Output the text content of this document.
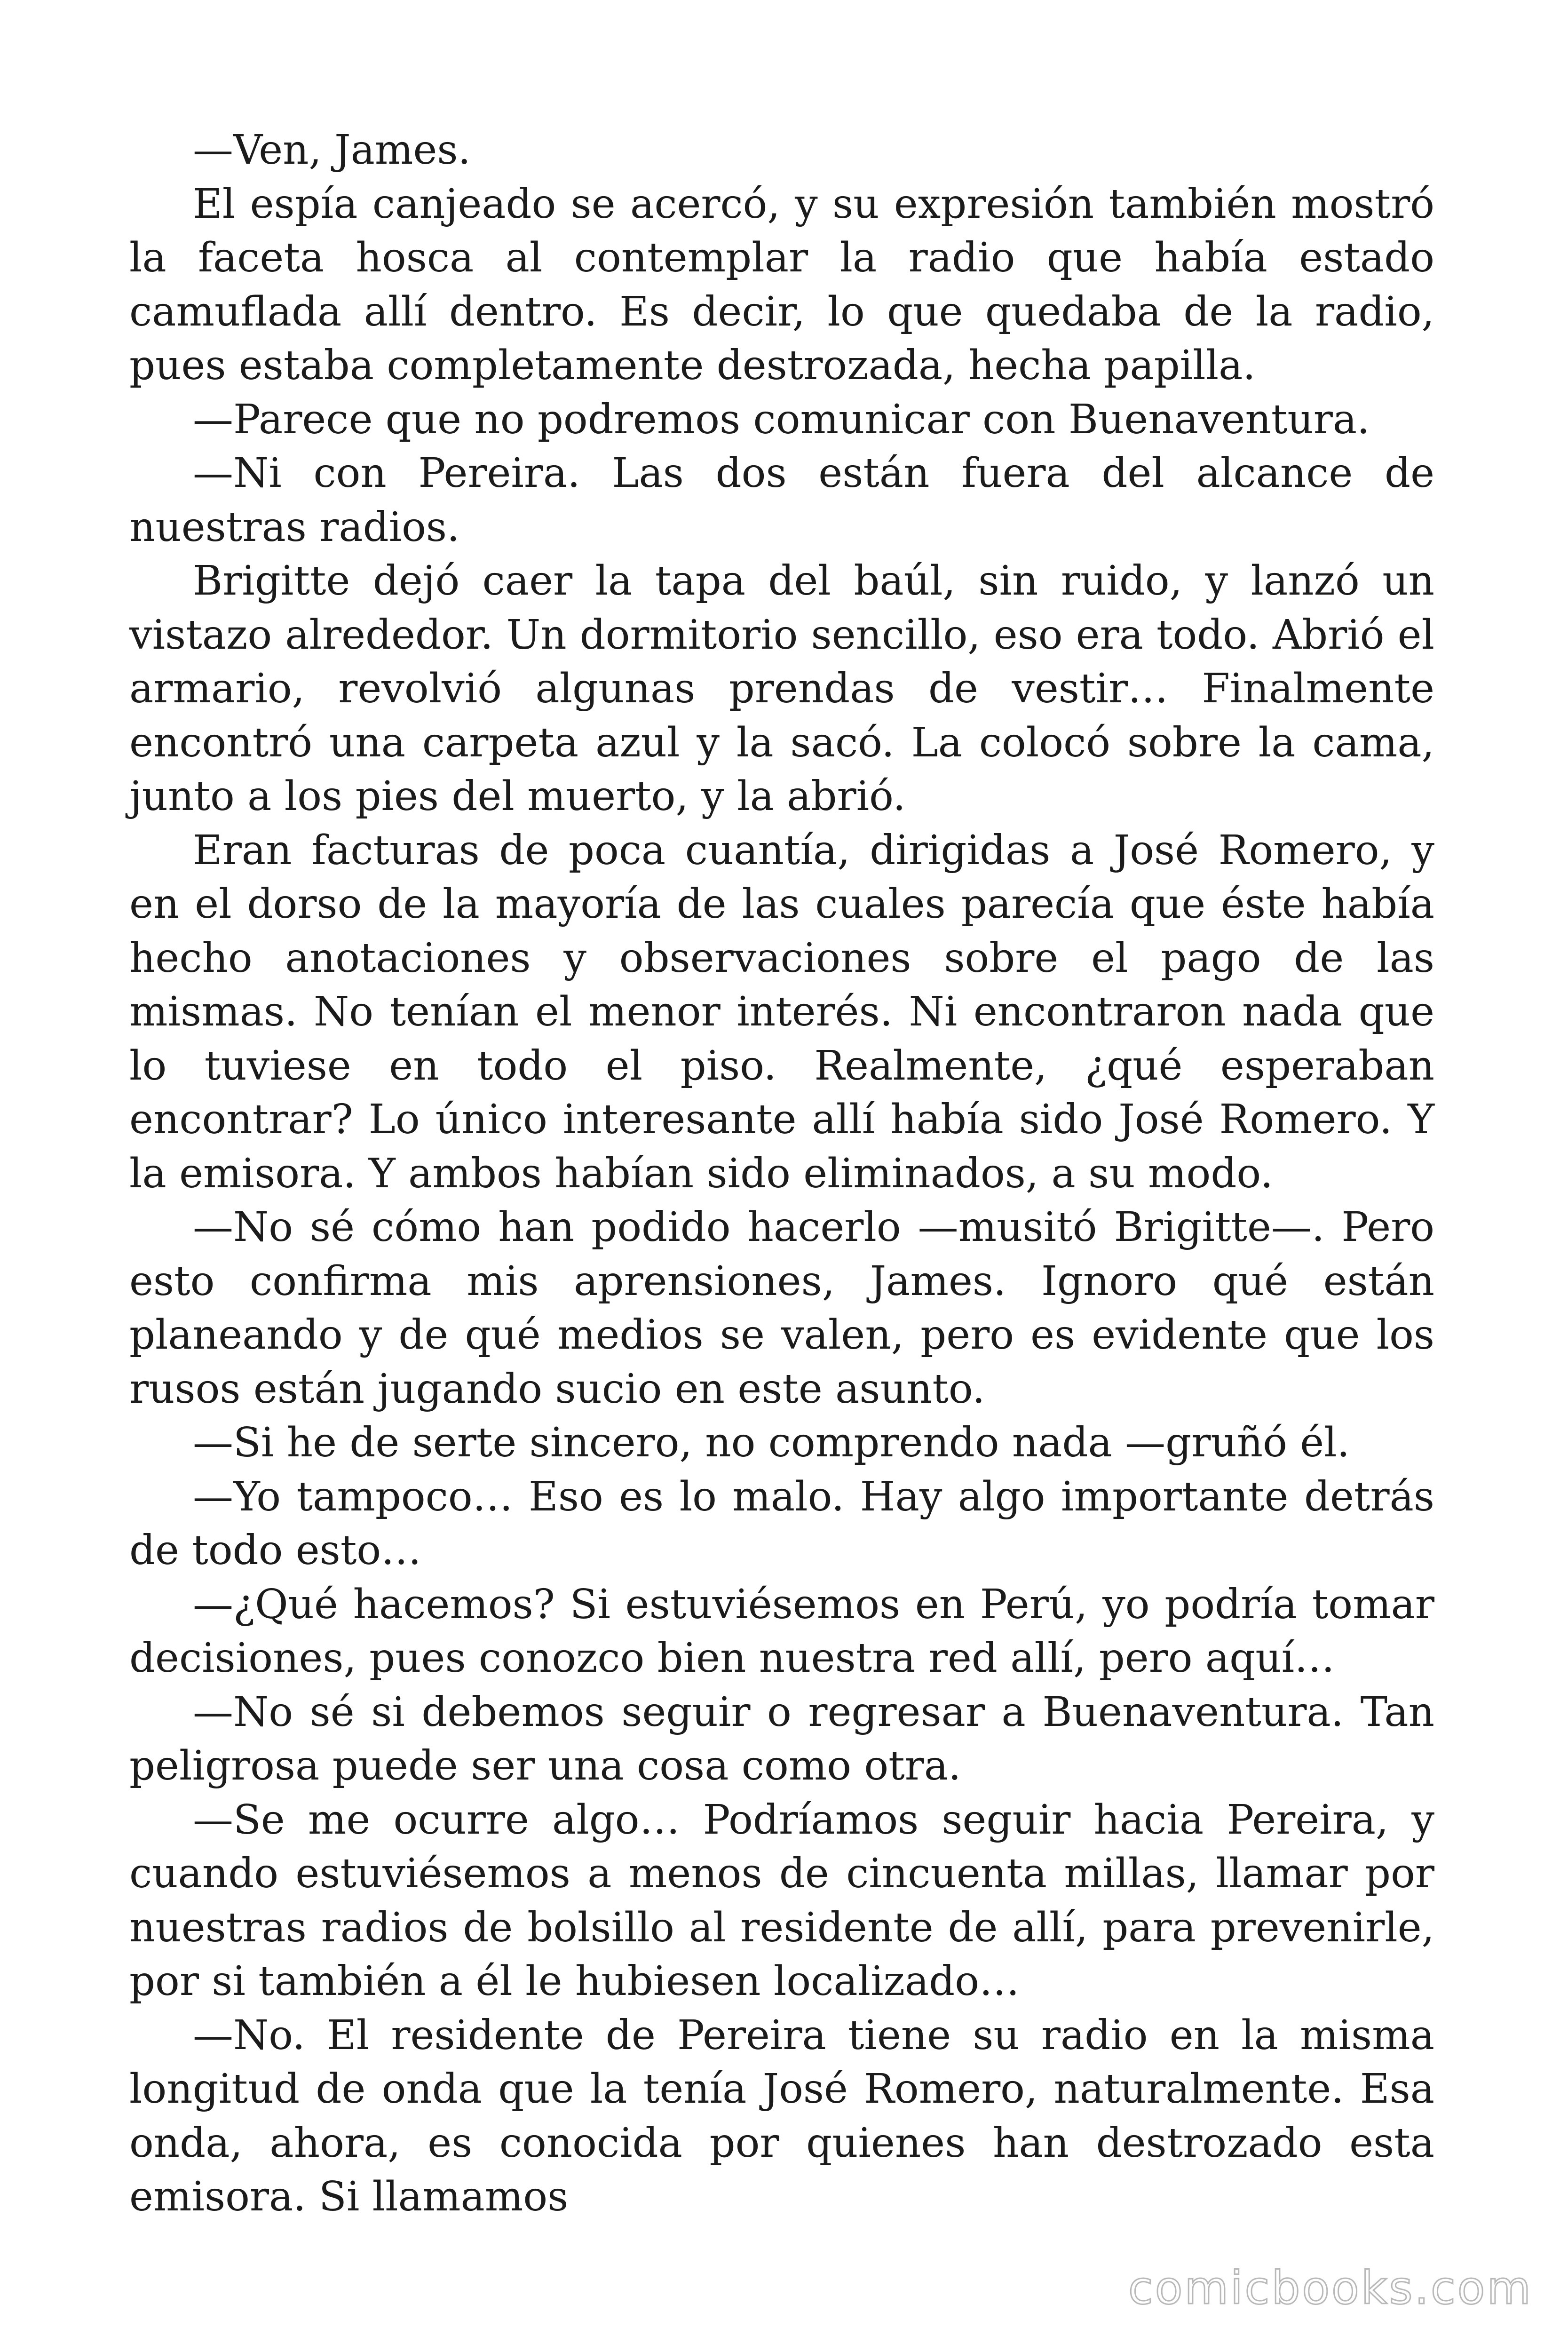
—Ven, James.

El espía canjeado se acercó, y su expresión también mostró la faceta hosca al contemplar la radio que había estado camuflada allí dentro. Es decir, lo que quedaba de la radio, pues estaba completamente destrozada, hecha papilla.

—Parece que no podremos comunicar con Buenaventura.

—Ni con Pereira. Las dos están fuera del alcance de nuestras radios.

Brigitte dejó caer la tapa del baúl, sin ruido, y lanzó un vistazo alrededor. Un dormitorio sencillo, eso era todo. Abrió el armario, revolvió algunas prendas de vestir… Finalmente encontró una carpeta azul y la sacó. La colocó sobre la cama, junto a los pies del muerto, y la abrió.

Eran facturas de poca cuantía, dirigidas a José Romero, y en el dorso de la mayoría de las cuales parecía que éste había hecho anotaciones y observaciones sobre el pago de las mismas. No tenían el menor interés. Ni encontraron nada que lo tuviese en todo el piso. Realmente, ¿qué esperaban encontrar? Lo único interesante allí había sido José Romero. Y la emisora. Y ambos habían sido eliminados, a su modo.

—No sé cómo han podido hacerlo —musitó Brigitte—. Pero esto confirma mis aprensiones, James. Ignoro qué están planeando y de qué medios se valen, pero es evidente que los rusos están jugando sucio en este asunto.

—Si he de serte sincero, no comprendo nada —gruñó él.

—Yo tampoco… Eso es lo malo. Hay algo importante detrás de todo esto…

—¿Qué hacemos? Si estuviésemos en Perú, yo podría tomar decisiones, pues conozco bien nuestra red allí, pero aquí…

—No sé si debemos seguir o regresar a Buenaventura. Tan peligrosa puede ser una cosa como otra.

—Se me ocurre algo… Podríamos seguir hacia Pereira, y cuando estuviésemos a menos de cincuenta millas, llamar por nuestras radios de bolsillo al residente de allí, para prevenirle, por si también a él le hubiesen localizado…

—No. El residente de Pereira tiene su radio en la misma longitud de onda que la tenía José Romero, naturalmente. Esa onda, ahora, es conocida por quienes han destrozado esta emisora. Si llamamos

comicbooks.com
